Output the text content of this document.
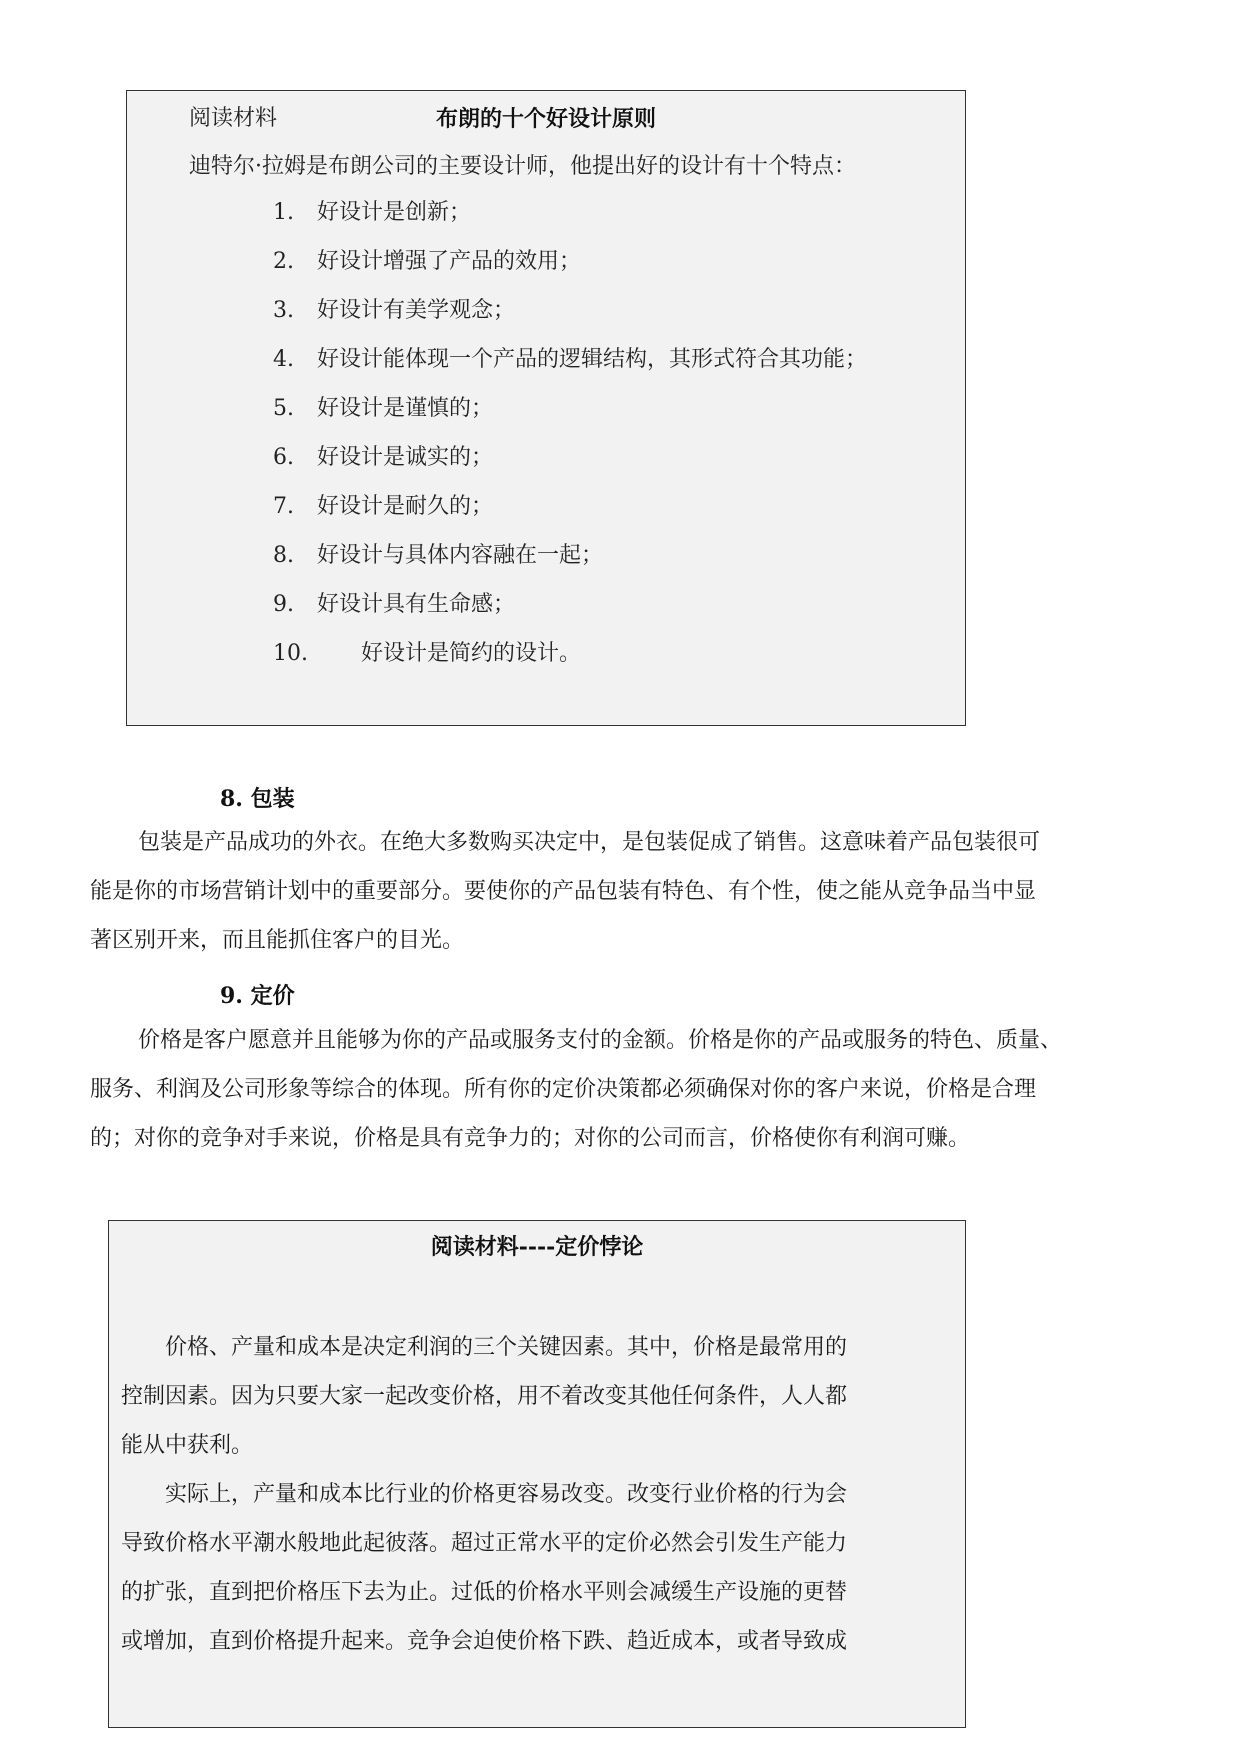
阅读材料	布朗的十个好设计原则
迪特尔·拉姆是布朗公司的主要设计师，他提出好的设计有十个特点：
1. 好设计是创新；
2. 好设计增强了产品的效用；
3. 好设计有美学观念；
4. 好设计能体现一个产品的逻辑结构，其形式符合其功能；
5. 好设计是谨慎的；
6. 好设计是诚实的；
7. 好设计是耐久的；
8. 好设计与具体内容融在一起；
9. 好设计具有生命感；
10. 好设计是简约的设计。
8. 包装
包装是产品成功的外衣。在绝大多数购买决定中，是包装促成了销售。这意味着产品包装很可
能是你的市场营销计划中的重要部分。要使你的产品包装有特色、有个性，使之能从竞争品当中显
著区别开来，而且能抓住客户的目光。
9. 定价
价格是客户愿意并且能够为你的产品或服务支付的金额。价格是你的产品或服务的特色、质量、
服务、利润及公司形象等综合的体现。所有你的定价决策都必须确保对你的客户来说，价格是合理
的；对你的竞争对手来说，价格是具有竞争力的；对你的公司而言，价格使你有利润可赚。
阅读材料----定价悖论
价格、产量和成本是决定利润的三个关键因素。其中，价格是最常用的
控制因素。因为只要大家一起改变价格，用不着改变其他任何条件，人人都
能从中获利。
实际上，产量和成本比行业的价格更容易改变。改变行业价格的行为会
导致价格水平潮水般地此起彼落。超过正常水平的定价必然会引发生产能力
的扩张，直到把价格压下去为止。过低的价格水平则会减缓生产设施的更替
或增加，直到价格提升起来。竞争会迫使价格下跌、趋近成本，或者导致成
